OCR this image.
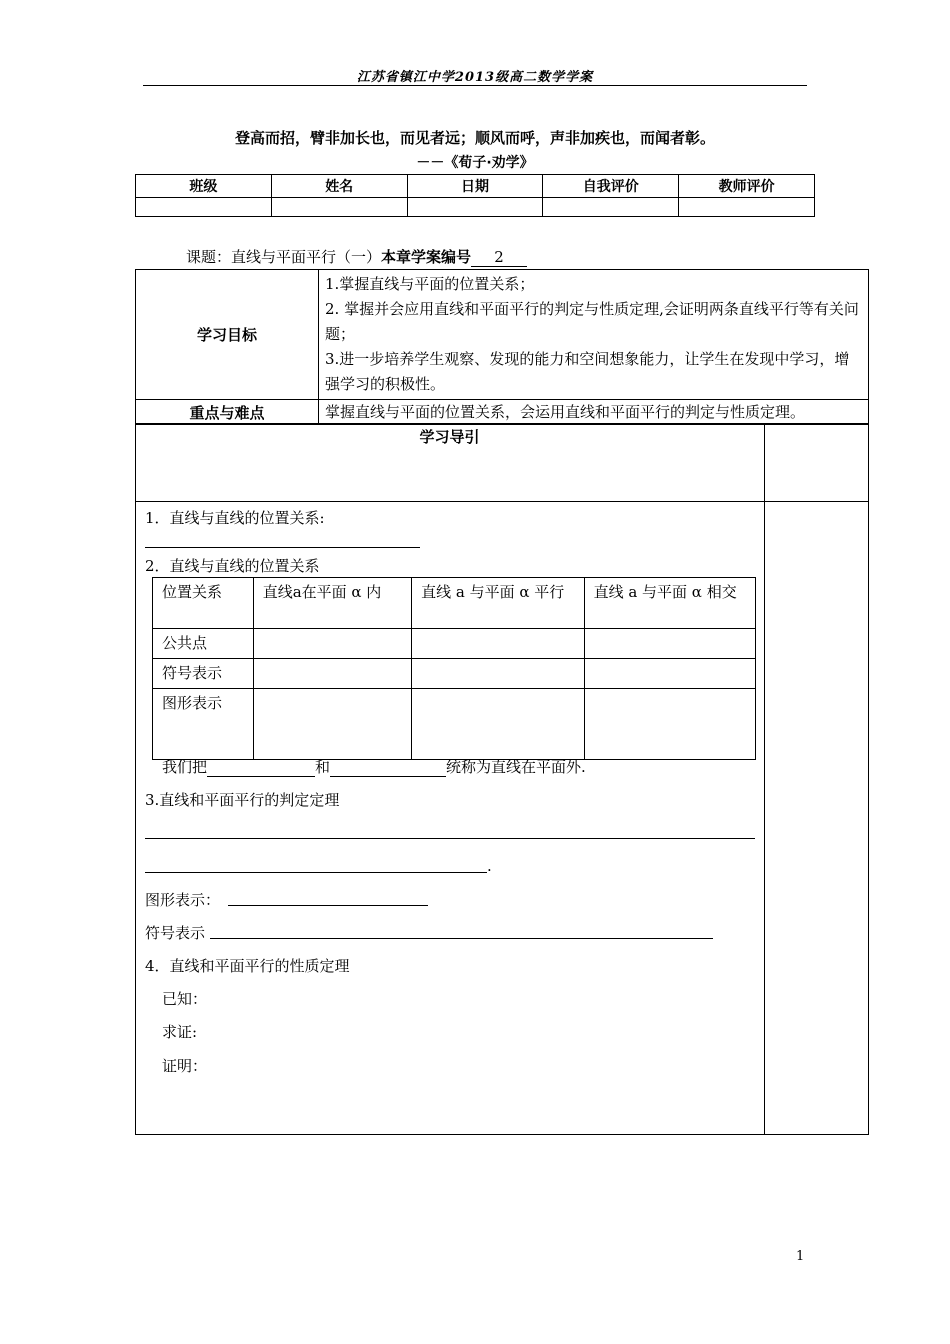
江苏省镇江中学2013级高二数学学案
登高而招，臂非加长也，而见者远；顺风而呼，声非加疾也，而闻者彰。
－－《荀子·劝学》
班级	姓名	日期	自我评价	教师评价

课题：直线与平面平行（一）本章学案编号 2
学习目标	1.掌握直线与平面的位置关系；
2. 掌握并会应用直线和平面平行的判定与性质定理,会证明两条直线平行等有关问题；
3.进一步培养学生观察、发现的能力和空间想象能力，让学生在发现中学习，增强学习的积极性。

重点与难点	掌握直线与平面的位置关系，会运用直线和平面平行的判定与性质定理。
学习导引
1．直线与直线的位置关系:
2．直线与直线的位置关系
位置关系	直线a在平面 α 内	直线 a 与平面 α 平行	直线 a 与平面 α 相交
公共点			
符号表示			
图形表示			
我们把	和	统称为直线在平面外.
3.直线和平面平行的判定定理
.
图形表示：
符号表示
4．直线和平面平行的性质定理
已知：
求证:
证明：
1
